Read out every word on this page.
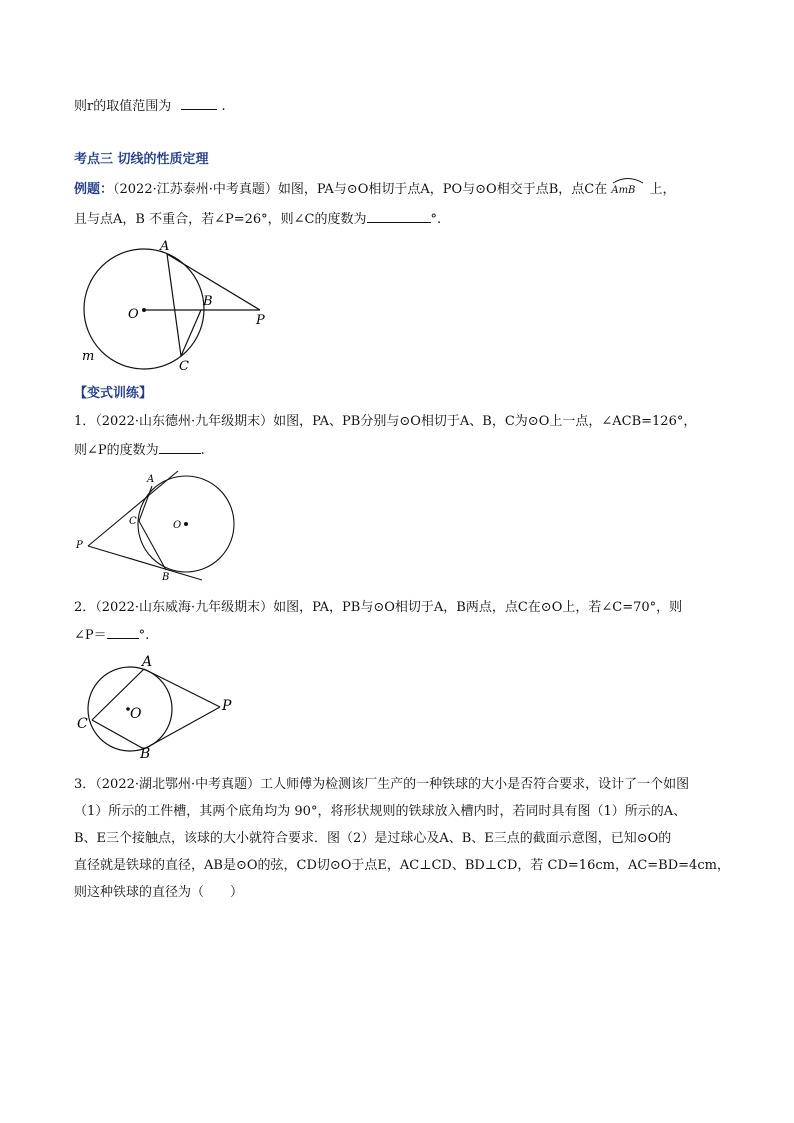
则r的取值范围为	.
考点三 切线的性质定理
例题：（2022·江苏泰州·中考真题）如图，PA与⊙O相切于点A，PO与⊙O相交于点B，点C在 AmB 上，
且与点A，B 不重合，若∠P=26°，则∠C的度数为	°.
A
B
O	P
C
m
【变式训练】
1．（2022·山东德州·九年级期末）如图，PA、PB分别与⊙O相切于A、B，C为⊙O上一点，∠ACB=126°，
则∠P的度数为	.
A
C	O
P
B
2．（2022·山东威海·九年级期末）如图，PA，PB与⊙O相切于A，B两点，点C在⊙O上，若∠C=70°，则
∠P＝ °.
A
O	P
C
B
3．（2022·湖北鄂州·中考真题）工人师傅为检测该厂生产的一种铁球的大小是否符合要求，设计了一个如图
（1）所示的工件槽，其两个底角均为 90°，将形状规则的铁球放入槽内时，若同时具有图（1）所示的A、
B、E三个接触点，该球的大小就符合要求．图（2）是过球心及A、B、E三点的截面示意图，已知⊙O的
直径就是铁球的直径，AB是⊙O的弦，CD切⊙O于点E，AC⊥CD、BD⊥CD，若 CD=16cm，AC=BD=4cm，
则这种铁球的直径为（　　）
